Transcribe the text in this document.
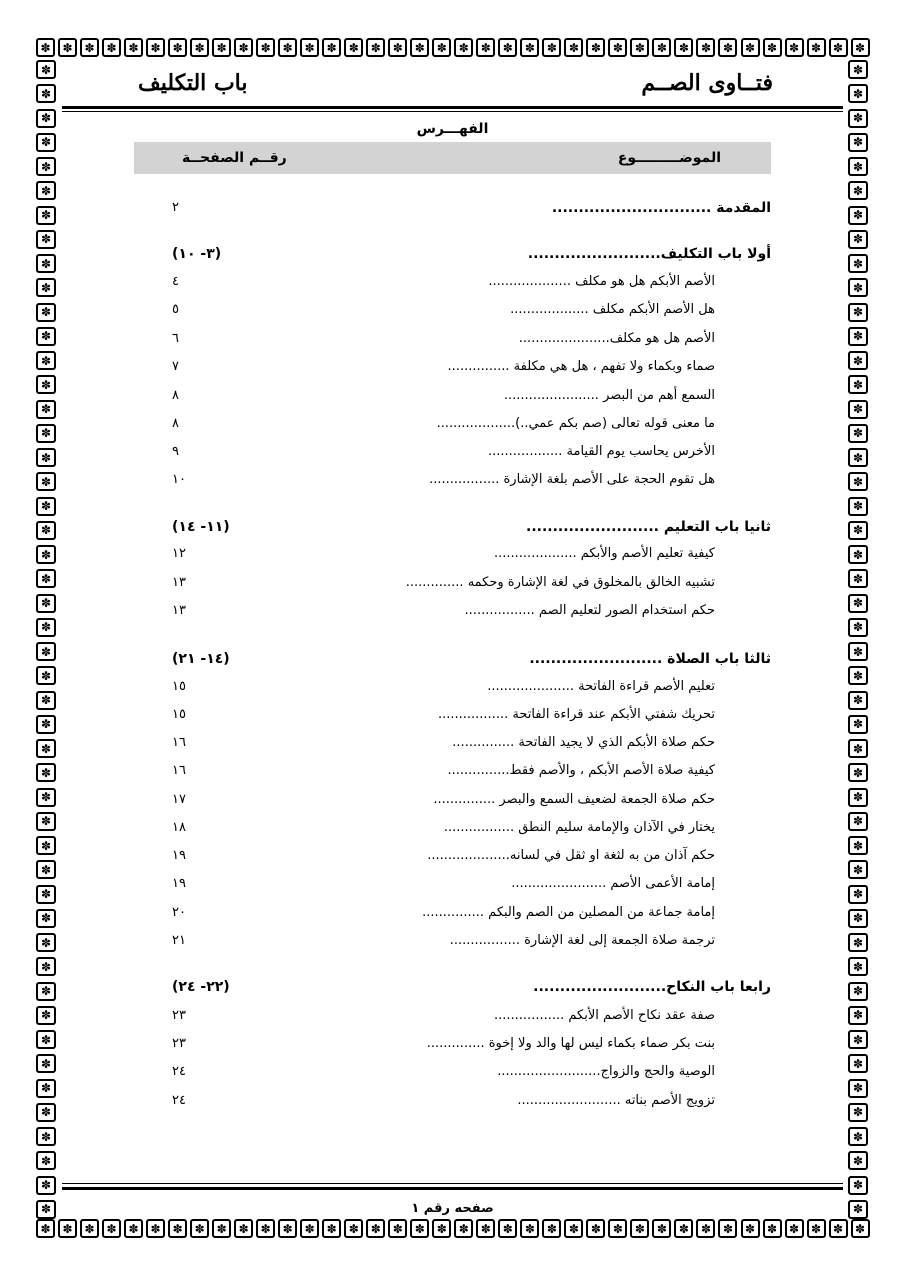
✽ ✽ ✽ ✽ ✽ ✽ ✽ ✽ ✽ ✽ ✽ ✽ ✽ ✽ ✽ ✽ ✽ ✽ ✽ ✽ ✽ ✽ ✽ ✽ ✽ ✽ ✽ ✽ ✽ ✽ ✽ ✽ ✽ ✽ ✽ ✽ ✽ ✽
✽ ✽ ✽ ✽ ✽ ✽ ✽ ✽ ✽ ✽ ✽ ✽ ✽ ✽ ✽ ✽ ✽ ✽ ✽ ✽ ✽ ✽ ✽ ✽ ✽ ✽ ✽ ✽ ✽ ✽ ✽ ✽ ✽ ✽ ✽ ✽ ✽ ✽
✽
✽
✽
✽
✽
✽
✽
✽
✽
✽
✽
✽
✽
✽
✽
✽
✽
✽
✽
✽
✽
✽
✽
✽
✽
✽
✽
✽
✽
✽
✽
✽
✽
✽
✽
✽
✽
✽
✽
✽
✽
✽
✽
✽
✽
✽
✽
✽
✽
✽
✽
✽
✽
✽
✽
✽
✽
✽
✽
✽
✽
✽
✽
✽
✽
✽
✽
✽
✽
✽
✽
✽
✽
✽
✽
✽
✽
✽
✽
✽
✽
✽
✽
✽
✽
✽
✽
✽
✽
✽
✽
✽
✽
✽
✽
✽
فتــاوى الصــم
باب التكليف
الفهـــرس
الموضـــــــــوع
رقــم الصفحــة
المقدمة ..............................
٢
أولا باب التكليف.........................
(٣- ١٠)
الأصم الأبكم هل هو مكلف ....................
٤
هل الأصم الأبكم مكلف ...................
٥
الأصم هل هو مكلف......................
٦
صماء وبكماء ولا تفهم ، هل هي مكلفة ...............
٧
السمع أهم من البصر .......................
٨
ما معنى قوله تعالى (صم بكم عمي..)...................
٨
الأخرس يحاسب يوم القيامة ..................
٩
هل تقوم الحجة على الأصم بلغة الإشارة .................
١٠
ثانيا باب التعليم .........................
(١١- ١٤)
كيفية تعليم الأصم والأبكم ....................
١٢
تشبيه الخالق بالمخلوق في لغة الإشارة وحكمه ..............
١٣
حكم استخدام الصور لتعليم الصم .................
١٣
ثالثا باب الصلاة .........................
(١٤- ٢١)
تعليم الأصم قراءة الفاتحة .....................
١٥
تحريك شفتي الأبكم عند قراءة الفاتحة .................
١٥
حكم صلاة الأبكم الذي لا يجيد الفاتحة ...............
١٦
كيفية صلاة الأصم الأبكم ، والأصم فقط...............
١٦
حكم صلاة الجمعة لضعيف السمع والبصر ...............
١٧
يختار في الآذان والإمامة سليم النطق .................
١٨
حكم آذان من به لثغة او ثقل في لسانه....................
١٩
إمامة الأعمى الأصم .......................
١٩
إمامة جماعة من المصلين من الصم والبكم ...............
٢٠
ترجمة صلاة الجمعة إلى لغة الإشارة .................
٢١
رابعا باب النكاح.........................
(٢٢- ٢٤)
صفة عقد نكاح الأصم الأبكم .................
٢٣
بنت بكر صماء بكماء ليس لها والد ولا إخوة ..............
٢٣
الوصية والحج والزواج.........................
٢٤
تزويج الأصم بناته .........................
٢٤
صفحه رقم ١
